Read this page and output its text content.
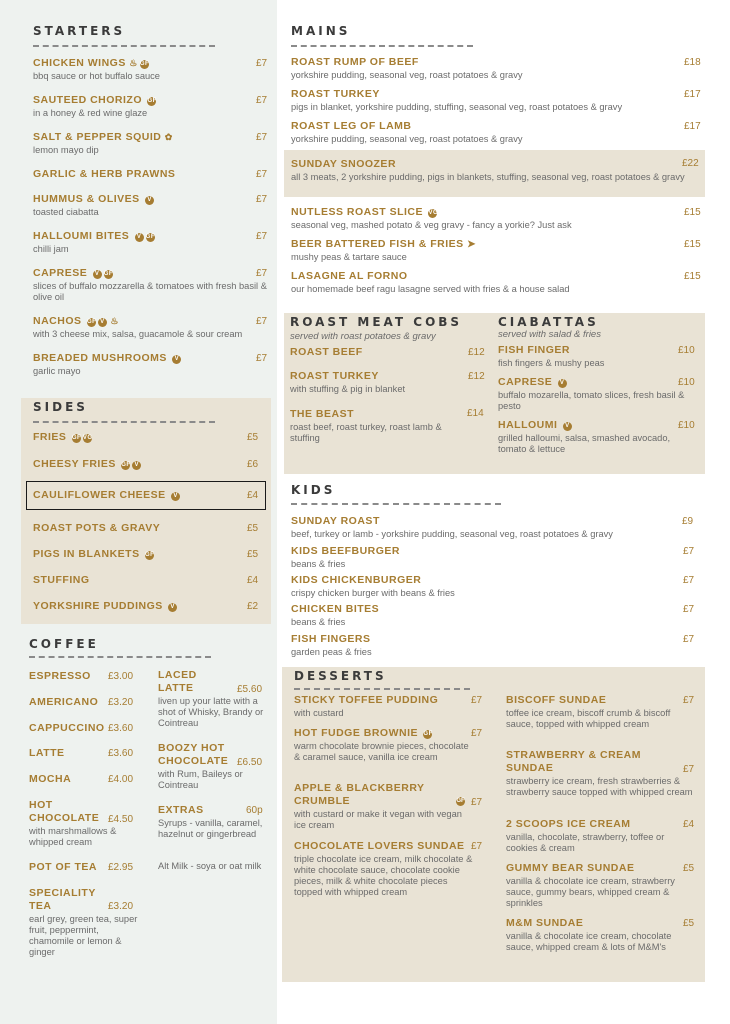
STARTERS
CHICKEN WINGS ♨ GF
bbq sauce or hot buffalo sauce
£7
SAUTEED CHORIZO GF
in a honey & red wine glaze
£7
SALT & PEPPER SQUID ✿
lemon mayo dip
£7
GARLIC & HERB PRAWNS	£7
HUMMUS & OLIVES V
toasted ciabatta
£7
HALLOUMI BITES V GF
chilli jam
£7
CAPRESE V GF
slices of buffalo mozzarella & tomatoes with fresh basil & olive oil
£7
NACHOS GF V ♨
with 3 cheese mix, salsa, guacamole & sour cream
£7
BREADED MUSHROOMS V
garlic mayo
£7
SIDES
FRIES GF VG	£5
CHEESY FRIES GF V	£6
CAULIFLOWER CHEESE V	£4
ROAST POTS & GRAVY	£5
PIGS IN BLANKETS GF	£5
STUFFING	£4
YORKSHIRE PUDDINGS V	£2
COFFEE
ESPRESSO £3.00
AMERICANO £3.20
CAPPUCCINO £3.60
LATTE	£3.60
MOCHA	£4.00
HOT
CHOCOLATE
with marshmallows & whipped cream
£4.50
POT OF TEA £2.95
SPECIALITY
TEA
earl grey, green tea, super fruit, peppermint, chamomile or lemon & ginger
£3.20
LACED
LATTE
liven up your latte with a shot of Whisky, Brandy or Cointreau
£5.60
BOOZY HOT
CHOCOLATE
with Rum, Baileys or Cointreau
£6.50
EXTRAS
Syrups - vanilla, caramel, hazelnut or gingerbread
60p
Alt Milk - soya or oat milk
MAINS
ROAST RUMP OF BEEF
yorkshire pudding, seasonal veg, roast potatoes & gravy
£18
ROAST TURKEY
pigs in blanket, yorkshire pudding, stuffing, seasonal veg, roast potatoes & gravy
£17
ROAST LEG OF LAMB
yorkshire pudding, seasonal veg, roast potatoes & gravy
£17
SUNDAY SNOOZER
all 3 meats, 2 yorkshire pudding, pigs in blankets, stuffing, seasonal veg, roast potatoes & gravy
£22
NUTLESS ROAST SLICE VG
seasonal veg, mashed potato & veg gravy - fancy a yorkie? Just ask
£15
BEER BATTERED FISH & FRIES ➤
mushy peas & tartare sauce
£15
LASAGNE AL FORNO
our homemade beef ragu lasagne served with fries & a house salad
£15
ROAST MEAT COBS
served with roast potatoes & gravy
ROAST BEEF	£12
ROAST TURKEY
with stuffing & pig in blanket
£12
THE BEAST
roast beef, roast turkey, roast lamb & stuffing
£14
CIABATTAS
served with salad & fries
FISH FINGER
fish fingers & mushy peas
£10
CAPRESE V
buffalo mozarella, tomato slices, fresh basil & pesto
£10
HALLOUMI V
grilled halloumi, salsa, smashed avocado, tomato & lettuce
£10
KIDS
SUNDAY ROAST
beef, turkey or lamb - yorkshire pudding, seasonal veg, roast potatoes & gravy
£9
KIDS BEEFBURGER
beans & fries
£7
KIDS CHICKENBURGER
crispy chicken burger with beans & fries
£7
CHICKEN BITES
beans & fries
£7
FISH FINGERS
garden peas & fries
£7
DESSERTS
STICKY TOFFEE PUDDING
with custard
£7
HOT FUDGE BROWNIE GF
warm chocolate brownie pieces, chocolate & caramel sauce, vanilla ice cream
£7
APPLE & BLACKBERRY
CRUMBLE
with custard or make it vegan with vegan ice cream
GF £7
CHOCOLATE LOVERS SUNDAE
triple chocolate ice cream, milk chocolate & white chocolate sauce, chocolate cookie pieces, milk & white chocolate pieces topped with whipped cream
£7
BISCOFF SUNDAE
toffee ice cream, biscoff crumb & biscoff sauce, topped with whipped cream
£7
STRAWBERRY & CREAM
SUNDAE
strawberry ice cream, fresh strawberries & strawberry sauce topped with whipped cream
£7
2 SCOOPS ICE CREAM
vanilla, chocolate, strawberry, toffee or cookies & cream
£4
GUMMY BEAR SUNDAE
vanilla & chocolate ice cream, strawberry sauce, gummy bears, whipped cream & sprinkles
£5
M&M SUNDAE
vanilla & chocolate ice cream, chocolate sauce, whipped cream & lots of M&M's
£5
